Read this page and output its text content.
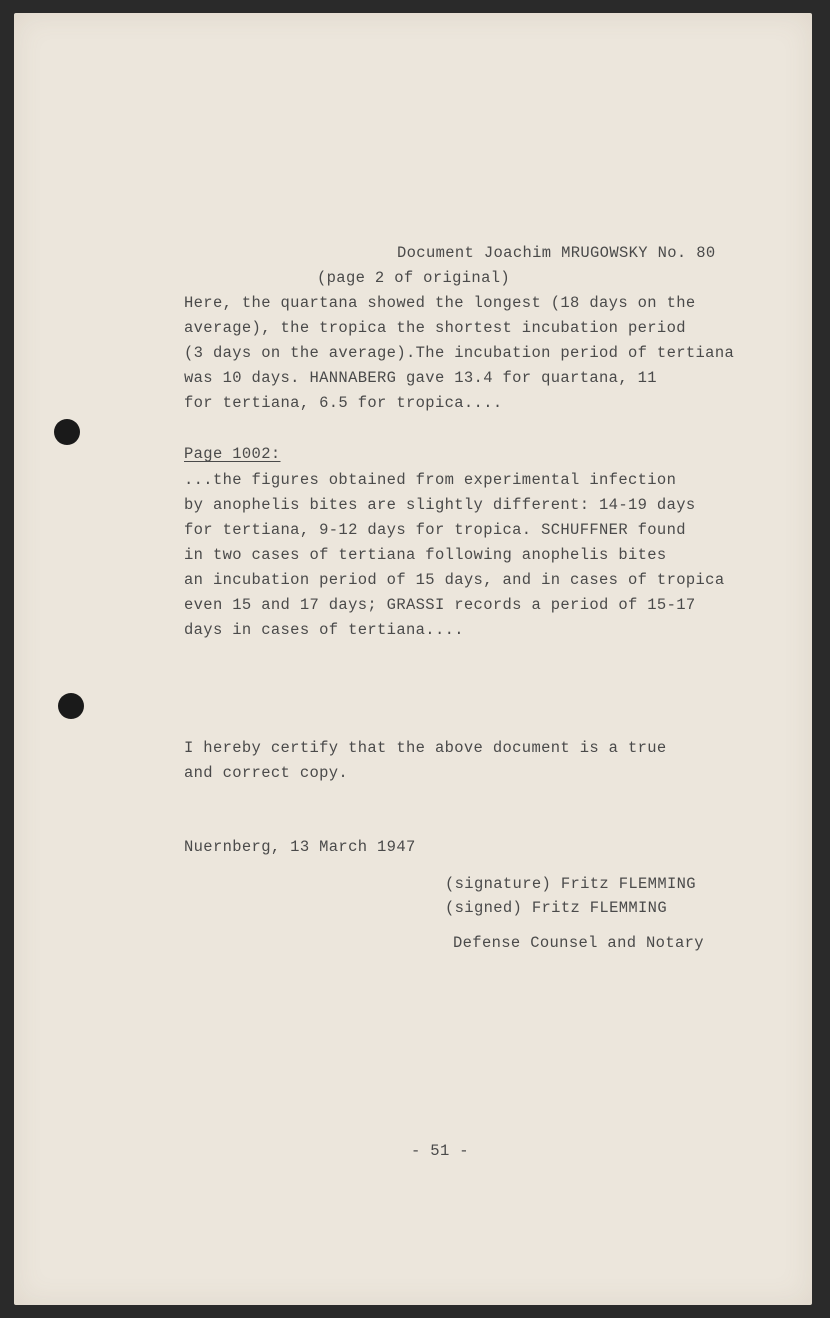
Document Joachim MRUGOWSKY No. 80

(page 2 of original)

Here, the quartana showed the longest (18 days on the
average), the tropica the shortest incubation period
(3 days on the average).The incubation period of tertiana
was 10 days. HANNABERG gave 13.4 for quartana, 11
for tertiana, 6.5 for tropica....

Page 1002:

...the figures obtained from experimental infection
by anophelis bites are slightly different: 14-19 days
for tertiana, 9-12 days for tropica. SCHUFFNER found
in two cases of tertiana following anophelis bites
an incubation period of 15 days, and in cases of tropica
even 15 and 17 days; GRASSI records a period of 15-17
days in cases of tertiana....
I hereby certify that the above document is a true
and correct copy.

Nuernberg, 13 March 1947

(signature) Fritz FLEMMING

(signed) Fritz FLEMMING

Defense Counsel and Notary

- 51 -
